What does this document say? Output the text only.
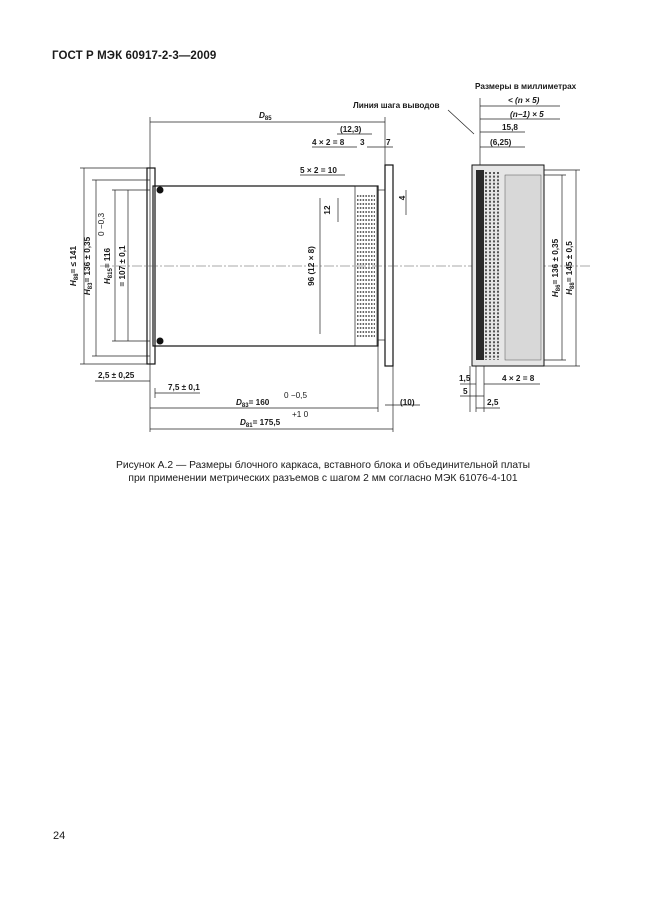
ГОСТ Р МЭК 60917-2-3—2009
$H_{88}= \le 141$
$H_{83}= 136 \pm 0,35$ $H_{815}= 116$
0 −0,3
= 107 ± 0,1
$D_{85}$
(12,3)
4 × 2 = 8 3	7
5 × 2 = 10
12
4
96 (12 × 8)
2,5 ± 0,25
7,5 ± 0,1
$D_{83}= 160$
0 −0,5
(10)
$D_{81}= 175,5$
+1 0
Размеры в миллиметрах
Линия шага выводов
< (n × 5)
(n−1) × 5
15,8
(6,25)
$H_{86}= 136 \pm 0,35$
$H_{88}= 145 \pm 0,5$
1,5
5
2,5
4 × 2 = 8
Рисунок А.2 — Размеры блочного каркаса, вставного блока и объединительной платы
при применении метрических разъемов с шагом 2 мм согласно МЭК 61076-4-101
24
